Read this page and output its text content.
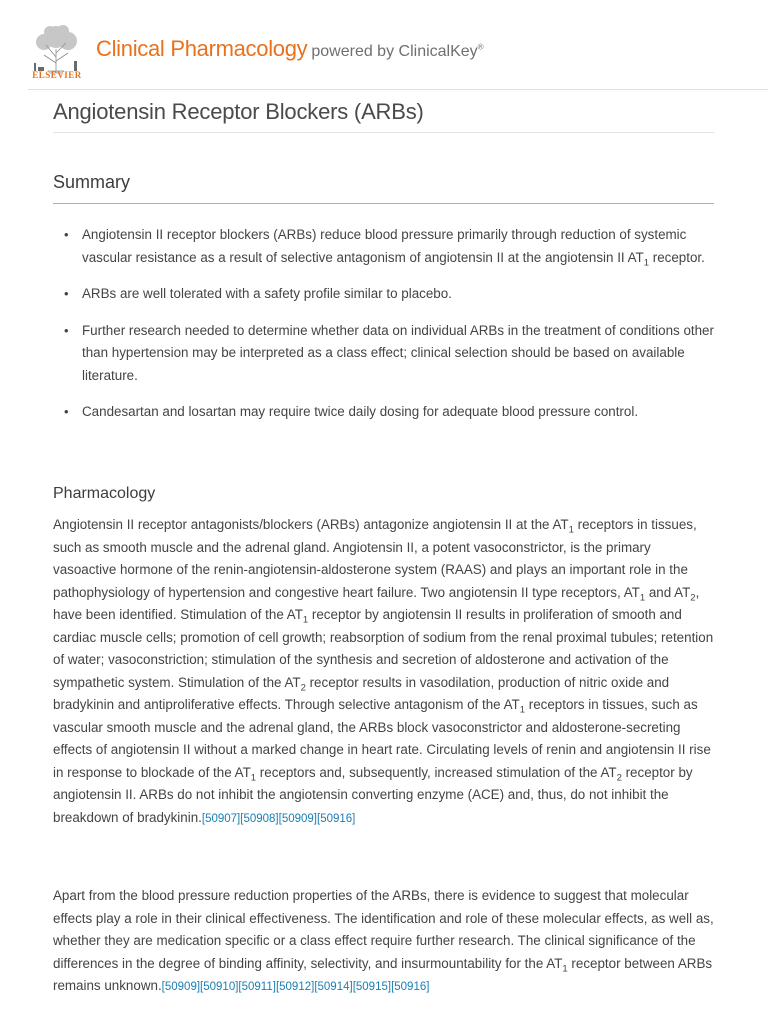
ELSEVIER
Clinical Pharmacology powered by ClinicalKey®
Angiotensin Receptor Blockers (ARBs)
Summary
• Angiotensin II receptor blockers (ARBs) reduce blood pressure primarily through reduction of systemic vascular resistance as a result of selective antagonism of angiotensin II at the angiotensin II $AT_1$ receptor.
• ARBs are well tolerated with a safety profile similar to placebo.
• Further research needed to determine whether data on individual ARBs in the treatment of conditions other than hypertension may be interpreted as a class effect; clinical selection should be based on available literature.
• Candesartan and losartan may require twice daily dosing for adequate blood pressure control.
Pharmacology

Angiotensin II receptor antagonists/blockers (ARBs) antagonize angiotensin II at the $AT_1$ receptors in tissues, such as smooth muscle and the adrenal gland. Angiotensin II, a potent vasoconstrictor, is the primary vasoactive hormone of the renin-angiotensin-aldosterone system (RAAS) and plays an important role in the pathophysiology of hypertension and congestive heart failure. Two angiotensin II type receptors, $AT_1$ and $AT_2$, have been identified. Stimulation of the $AT_1$ receptor by angiotensin II results in proliferation of smooth and cardiac muscle cells; promotion of cell growth; reabsorption of sodium from the renal proximal tubules; retention of water; vasoconstriction; stimulation of the synthesis and secretion of aldosterone and activation of the sympathetic system. Stimulation of the $AT_2$ receptor results in vasodilation, production of nitric oxide and bradykinin and antiproliferative effects. Through selective antagonism of the $AT_1$ receptors in tissues, such as vascular smooth muscle and the adrenal gland, the ARBs block vasoconstrictor and aldosterone-secreting effects of angiotensin II without a marked change in heart rate. Circulating levels of renin and angiotensin II rise in response to blockade of the $AT_1$ receptors and, subsequently, increased stimulation of the $AT_2$ receptor by angiotensin II. ARBs do not inhibit the angiotensin converting enzyme (ACE) and, thus, do not inhibit the breakdown of bradykinin.[50907][50908][50909][50916]

Apart from the blood pressure reduction properties of the ARBs, there is evidence to suggest that molecular effects play a role in their clinical effectiveness. The identification and role of these molecular effects, as well as, whether they are medication specific or a class effect require further research. The clinical significance of the differences in the degree of binding affinity, selectivity, and insurmountability for the $AT_1$ receptor between ARBs remains unknown.[50909][50910][50911][50912][50914][50915][50916]
